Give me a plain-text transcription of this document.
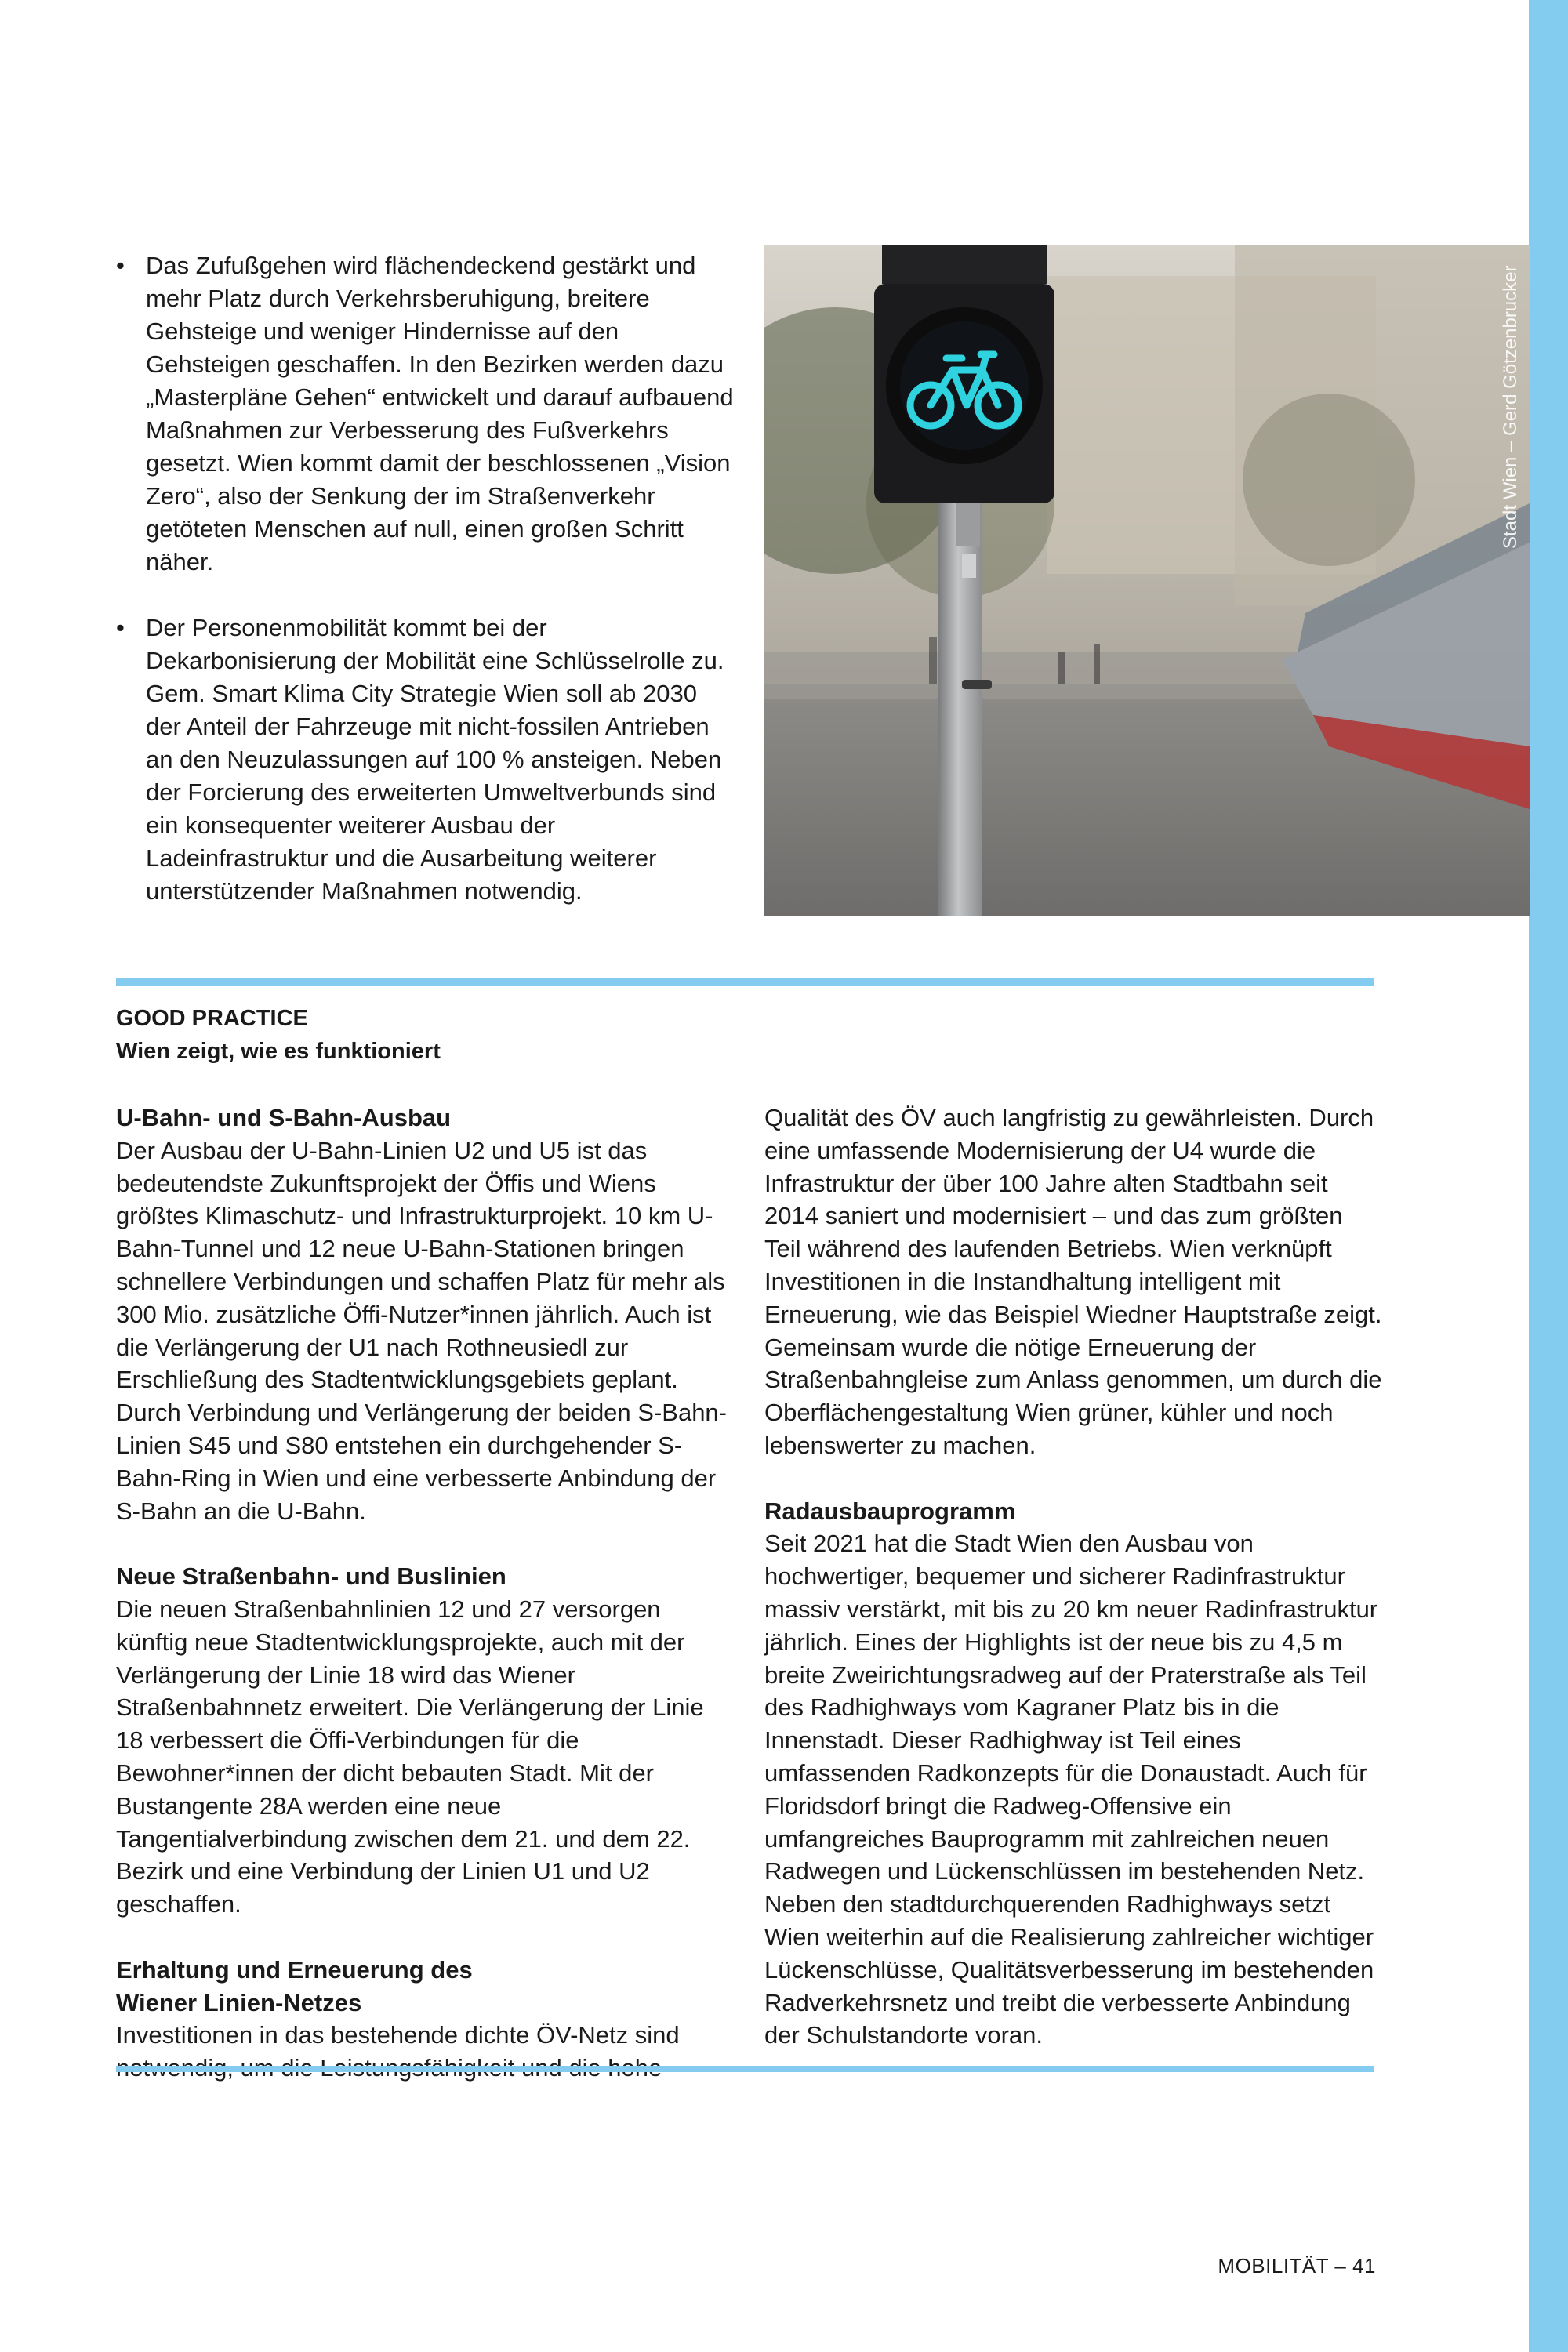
• Das Zufußgehen wird flächendeckend gestärkt und mehr Platz durch Verkehrsberuhigung, breitere Gehsteige und weniger Hindernisse auf den Gehsteigen geschaffen. In den Bezirken werden dazu „Masterpläne Gehen“ entwickelt und darauf aufbauend Maßnahmen zur Verbesserung des Fußverkehrs gesetzt. Wien kommt damit der beschlossenen „Vision Zero“, also der Senkung der im Straßenverkehr getöteten Menschen auf null, einen großen Schritt näher.
• Der Personenmobilität kommt bei der Dekarbonisierung der Mobilität eine Schlüsselrolle zu. Gem. Smart Klima City Strategie Wien soll ab 2030 der Anteil der Fahrzeuge mit nicht-fossilen Antrieben an den Neuzulassungen auf 100 % ansteigen. Neben der Forcierung des erweiterten Umweltverbunds sind ein konsequenter weiterer Ausbau der Ladeinfrastruktur und die Ausarbeitung weiterer unterstützender Maßnahmen notwendig.
Stadt Wien – Gerd Götzenbrucker
GOOD PRACTICE
Wien zeigt, wie es funktioniert

U-Bahn- und S-Bahn-Ausbau

Der Ausbau der U-Bahn-Linien U2 und U5 ist das bedeutendste Zukunftsprojekt der Öffis und Wiens größtes Klimaschutz- und Infrastrukturprojekt. 10 km U-Bahn-Tunnel und 12 neue U-Bahn-Stationen bringen schnellere Verbindungen und schaffen Platz für mehr als 300 Mio. zusätzliche Öffi-Nutzer*innen jährlich. Auch ist die Verlängerung der U1 nach Rothneusiedl zur Erschließung des Stadtentwicklungsgebiets geplant. Durch Verbindung und Verlängerung der beiden S-Bahn-Linien S45 und S80 entstehen ein durchgehender S-Bahn-Ring in Wien und eine verbesserte Anbindung der S-Bahn an die U-Bahn.

Neue Straßenbahn- und Buslinien

Die neuen Straßenbahnlinien 12 und 27 versorgen künftig neue Stadtentwicklungsprojekte, auch mit der Verlängerung der Linie 18 wird das Wiener Straßenbahnnetz erweitert. Die Verlängerung der Linie 18 verbessert die Öffi-Verbindungen für die Bewohner*innen der dicht bebauten Stadt. Mit der Bustangente 28A werden eine neue Tangentialverbindung zwischen dem 21. und dem 22. Bezirk und eine Verbindung der Linien U1 und U2 geschaffen.

Erhaltung und Erneuerung des

Wiener Linien-Netzes

Investitionen in das bestehende dichte ÖV-Netz sind

Qualität des ÖV auch langfristig zu gewährleisten. Durch eine umfassende Modernisierung der U4 wurde die Infrastruktur der über 100 Jahre alten Stadtbahn seit 2014 saniert und modernisiert – und das zum größten Teil während des laufenden Betriebs. Wien verknüpft Investitionen in die Instandhaltung intelligent mit Erneuerung, wie das Beispiel Wiedner Hauptstraße zeigt. Gemeinsam wurde die nötige Erneuerung der Straßenbahngleise zum Anlass genommen, um durch die Oberflächengestaltung Wien grüner, kühler und noch lebenswerter zu machen.

Radausbauprogramm

Seit 2021 hat die Stadt Wien den Ausbau von hochwertiger, bequemer und sicherer Radinfrastruktur massiv verstärkt, mit bis zu 20 km neuer Radinfrastruktur jährlich. Eines der Highlights ist der neue bis zu 4,5 m breite Zweirichtungsradweg auf der Praterstraße als Teil des Radhighways vom Kagraner Platz bis in die Innenstadt. Dieser Radhighway ist Teil eines umfassenden Radkonzepts für die Donaustadt. Auch für Floridsdorf bringt die Radweg-Offensive ein umfangreiches Bauprogramm mit zahlreichen neuen Radwegen und Lückenschlüssen im bestehenden Netz. Neben den stadtdurchquerenden Radhighways setzt Wien weiterhin auf die Realisierung zahlreicher wichtiger Lückenschlüsse, Qualitätsverbesserung im bestehenden Radverkehrsnetz und treibt die verbesserte Anbindung der Schulstandorte voran.

MOBILITÄT – 41
